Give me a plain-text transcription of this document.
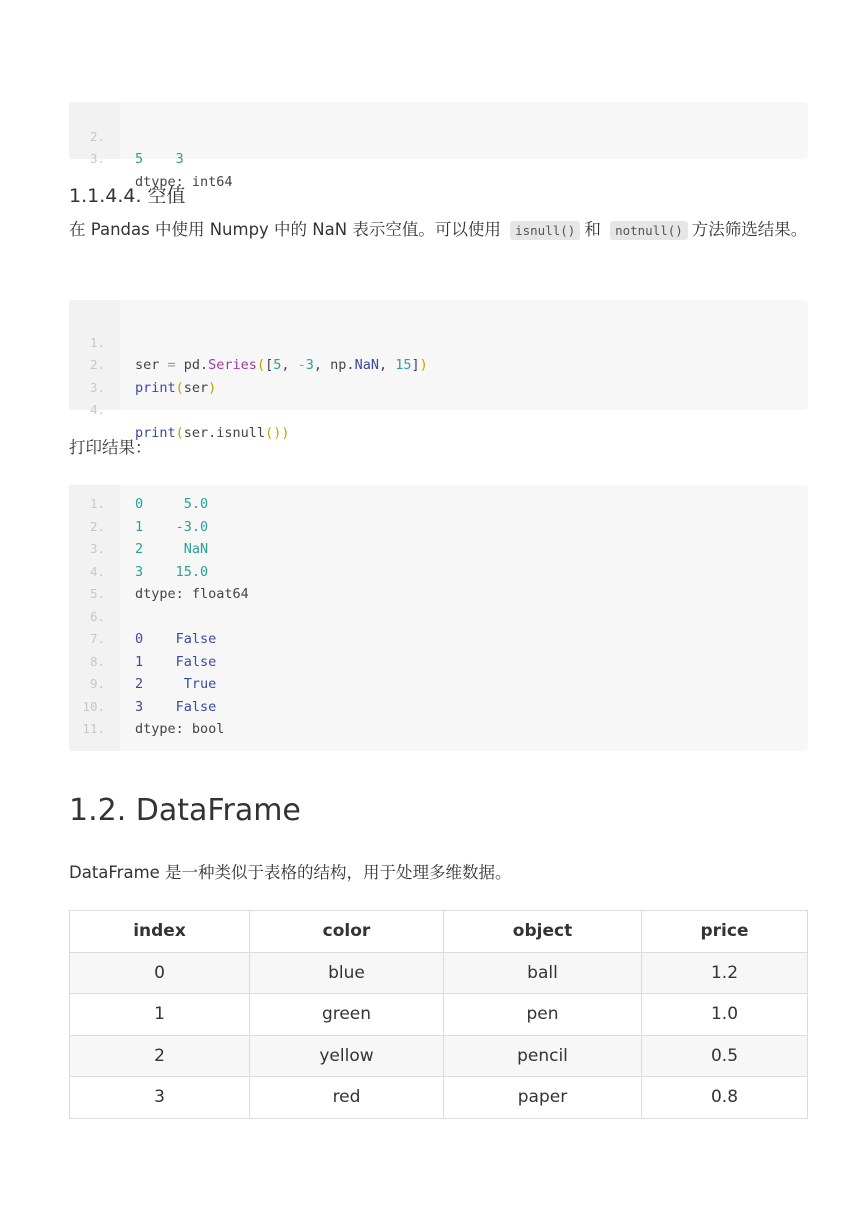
2.

5    3

3.

dtype: int64

1.1.4.4. 空值
在 Pandas 中使用 Numpy 中的 NaN 表示空值。可以使用 isnull() 和 notnull() 方法筛选结果。

1.

ser = pd.Series([5, -3, np.NaN, 15])

2.

print(ser)

3.

4.

print(ser.isnull())

打印结果：
1. 0     5.0
2. 1    -3.0
3. 2     NaN
4. 3    15.0
5. dtype: float64
6.
7. 0    False
8. 1    False
9. 2     True
10. 3    False
11. dtype: bool
1.2. DataFrame
DataFrame 是一种类似于表格的结构，用于处理多维数据。
index	color	object	price
0	blue	ball	1.2
1	green	pen	1.0
2	yellow	pencil	0.5
3	red	paper	0.8
